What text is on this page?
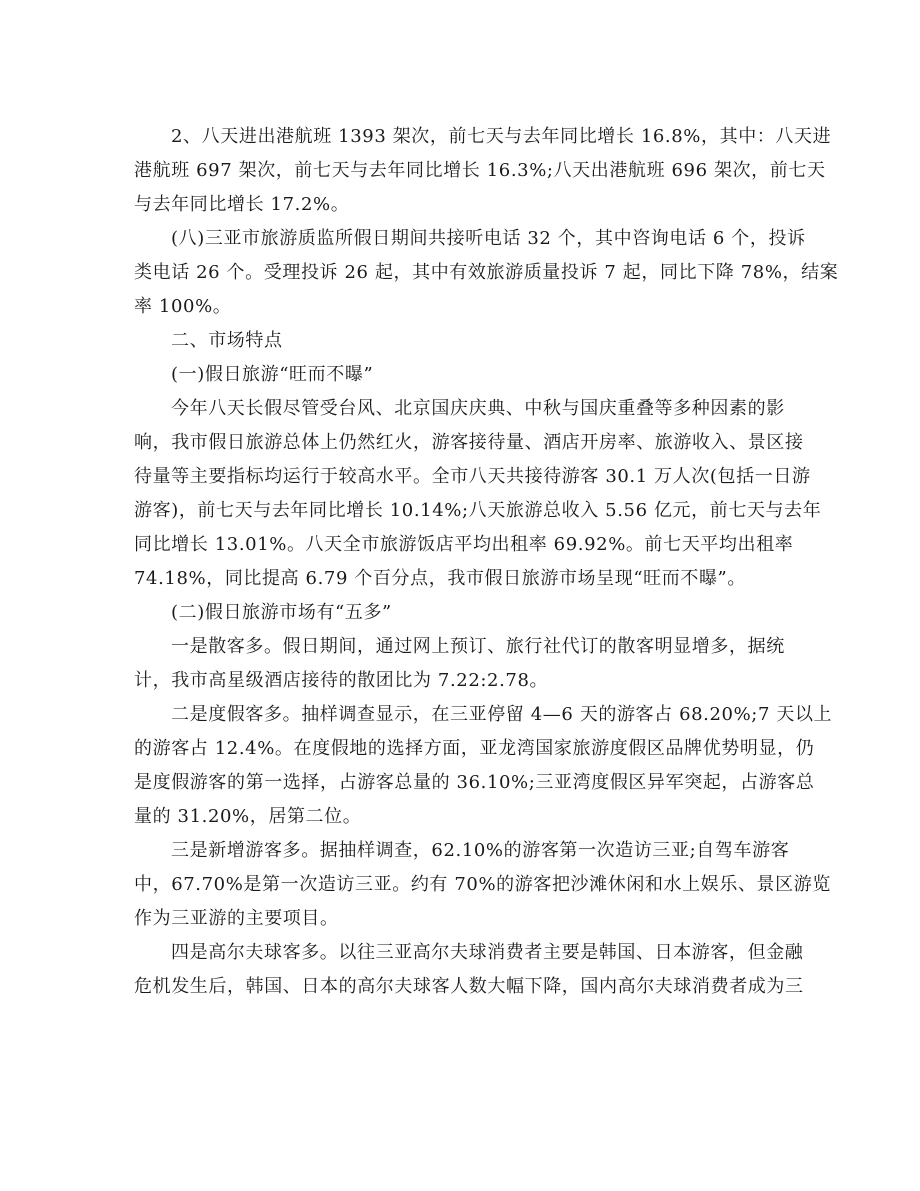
2、八天进出港航班 1393 架次，前七天与去年同比增长 16.8%，其中：八天进
港航班 697 架次，前七天与去年同比增长 16.3%;八天出港航班 696 架次，前七天
与去年同比增长 17.2%。
(八)三亚市旅游质监所假日期间共接听电话 32 个，其中咨询电话 6 个，投诉
类电话 26 个。受理投诉 26 起，其中有效旅游质量投诉 7 起，同比下降 78%，结案
率 100%。
二、市场特点
(一)假日旅游“旺而不曝”
今年八天长假尽管受台风、北京国庆庆典、中秋与国庆重叠等多种因素的影
响，我市假日旅游总体上仍然红火，游客接待量、酒店开房率、旅游收入、景区接
待量等主要指标均运行于较高水平。全市八天共接待游客 30.1 万人次(包括一日游
游客)，前七天与去年同比增长 10.14%;八天旅游总收入 5.56 亿元，前七天与去年
同比增长 13.01%。八天全市旅游饭店平均出租率 69.92%。前七天平均出租率
74.18%，同比提高 6.79 个百分点，我市假日旅游市场呈现“旺而不曝”。
(二)假日旅游市场有“五多”
一是散客多。假日期间，通过网上预订、旅行社代订的散客明显增多，据统
计，我市高星级酒店接待的散团比为 7.22:2.78。
二是度假客多。抽样调查显示，在三亚停留 4—6 天的游客占 68.20%;7 天以上
的游客占 12.4%。在度假地的选择方面，亚龙湾国家旅游度假区品牌优势明显，仍
是度假游客的第一选择，占游客总量的 36.10%;三亚湾度假区异军突起，占游客总
量的 31.20%，居第二位。
三是新增游客多。据抽样调查，62.10%的游客第一次造访三亚;自驾车游客
中，67.70%是第一次造访三亚。约有 70%的游客把沙滩休闲和水上娱乐、景区游览
作为三亚游的主要项目。
四是高尔夫球客多。以往三亚高尔夫球消费者主要是韩国、日本游客，但金融
危机发生后，韩国、日本的高尔夫球客人数大幅下降，国内高尔夫球消费者成为三
